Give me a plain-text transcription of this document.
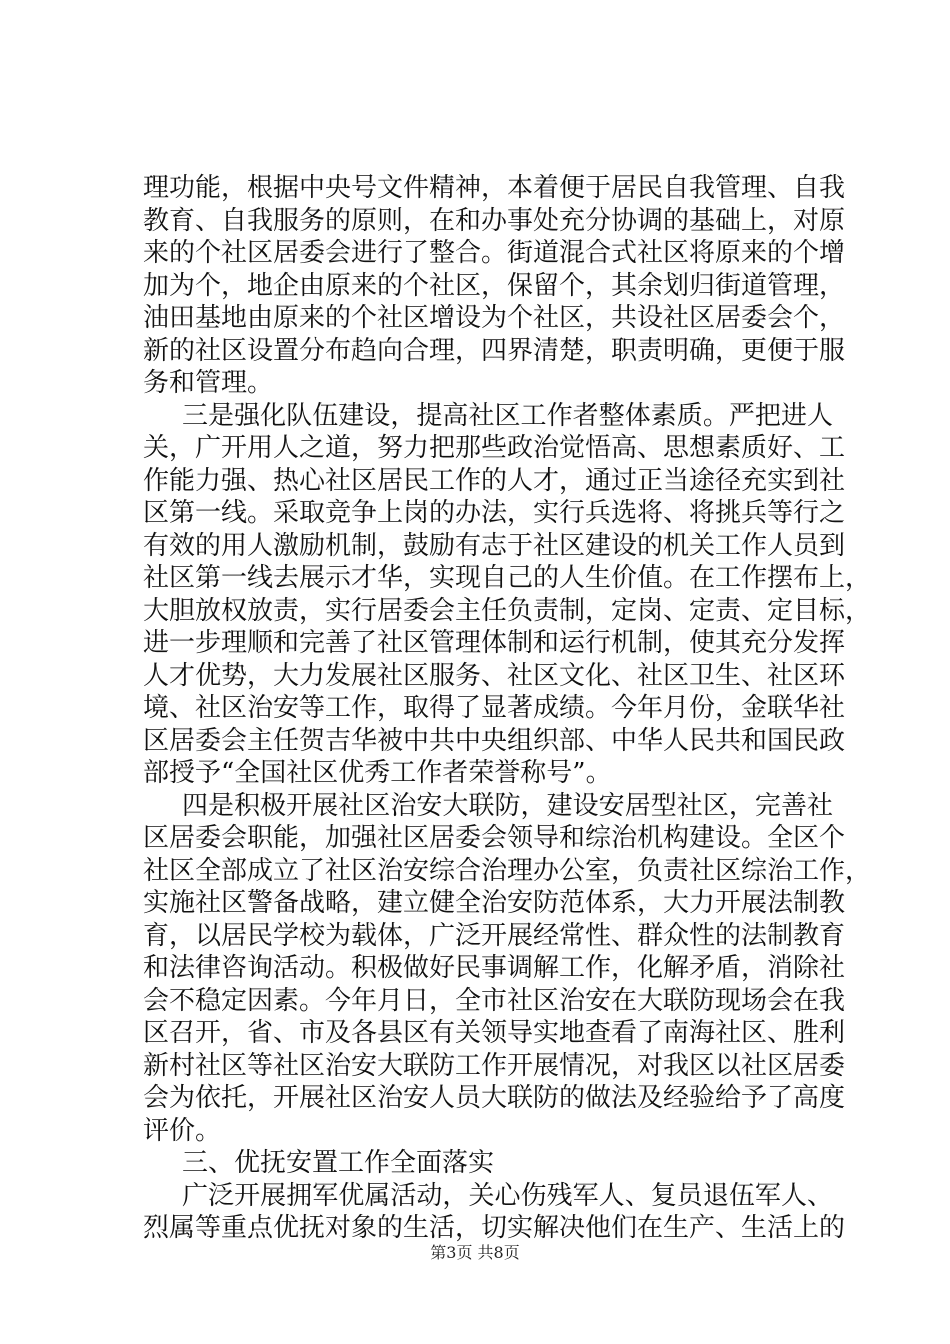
理功能，根据中央号文件精神，本着便于居民自我管理、自我
教育、自我服务的原则，在和办事处充分协调的基础上，对原
来的个社区居委会进行了整合。街道混合式社区将原来的个增
加为个，地企由原来的个社区，保留个，其余划归街道管理，
油田基地由原来的个社区增设为个社区，共设社区居委会个，
新的社区设置分布趋向合理，四界清楚，职责明确，更便于服
务和管理。
三是强化队伍建设，提高社区工作者整体素质。严把进人
关，广开用人之道，努力把那些政治觉悟高、思想素质好、工
作能力强、热心社区居民工作的人才，通过正当途径充实到社
区第一线。采取竞争上岗的办法，实行兵选将、将挑兵等行之
有效的用人激励机制，鼓励有志于社区建设的机关工作人员到
社区第一线去展示才华，实现自己的人生价值。在工作摆布上，
大胆放权放责，实行居委会主任负责制，定岗、定责、定目标，
进一步理顺和完善了社区管理体制和运行机制，使其充分发挥
人才优势，大力发展社区服务、社区文化、社区卫生、社区环
境、社区治安等工作，取得了显著成绩。今年月份，金联华社
区居委会主任贺吉华被中共中央组织部、中华人民共和国民政
部授予“全国社区优秀工作者荣誉称号”。
四是积极开展社区治安大联防，建设安居型社区，完善社
区居委会职能，加强社区居委会领导和综治机构建设。全区个
社区全部成立了社区治安综合治理办公室，负责社区综治工作，
实施社区警备战略，建立健全治安防范体系，大力开展法制教
育，以居民学校为载体，广泛开展经常性、群众性的法制教育
和法律咨询活动。积极做好民事调解工作，化解矛盾，消除社
会不稳定因素。今年月日，全市社区治安在大联防现场会在我
区召开，省、市及各县区有关领导实地查看了南海社区、胜利
新村社区等社区治安大联防工作开展情况，对我区以社区居委
会为依托，开展社区治安人员大联防的做法及经验给予了高度
评价。
三、优抚安置工作全面落实
广泛开展拥军优属活动，关心伤残军人、复员退伍军人、
烈属等重点优抚对象的生活，切实解决他们在生产、生活上的
第3页 共8页
